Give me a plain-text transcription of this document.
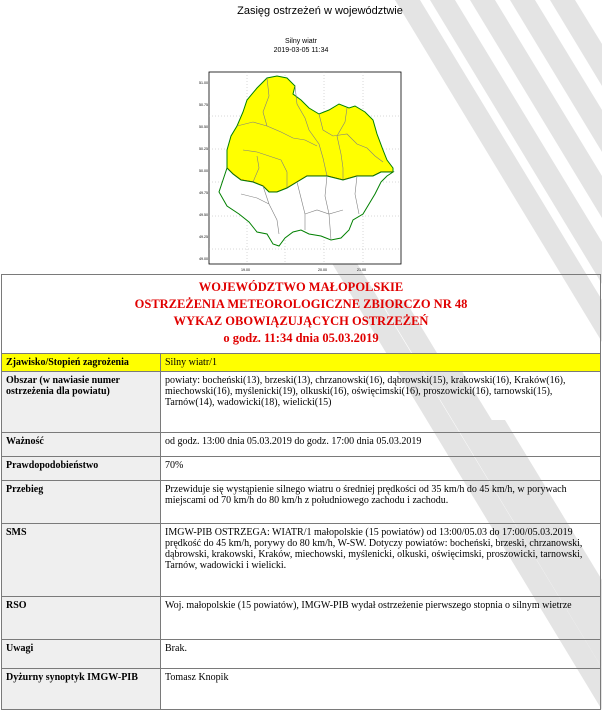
Zasięg ostrzeżeń w województwie
Silny wiatr
2019-03-05 11:34
51.00
50.75
50.50
50.25
50.00
49.75
49.50
49.25
49.00
19.00	20.00	21.00
WOJEWÓDZTWO MAŁOPOLSKIE
OSTRZEŻENIA METEOROLOGICZNE ZBIORCZO NR 48
WYKAZ OBOWIĄZUJĄCYCH OSTRZEŻEŃ
o godz. 11:34 dnia 05.03.2019	

Zjawisko/Stopień zagrożenia	Silny wiatr/1
Obszar (w nawiasie numer ostrzeżenia dla powiatu)	powiaty: bocheński(13), brzeski(13), chrzanowski(16), dąbrowski(15), krakowski(16), Kraków(16), miechowski(16), myślenicki(19), olkuski(16), oświęcimski(16), proszowicki(16), tarnowski(15), Tarnów(14), wadowicki(18), wielicki(15)
Ważność	od godz. 13:00 dnia 05.03.2019 do godz. 17:00 dnia 05.03.2019
Prawdopodobieństwo	70%
Przebieg	Przewiduje się wystąpienie silnego wiatru o średniej prędkości od 35 km/h do 45 km/h, w porywach miejscami od 70 km/h do 80 km/h z południowego zachodu i zachodu.
SMS	IMGW-PIB OSTRZEGA: WIATR/1 małopolskie (15 powiatów) od 13:00/05.03 do 17:00/05.03.2019 prędkość do 45 km/h, porywy do 80 km/h, W-SW. Dotyczy powiatów: bocheński, brzeski, chrzanowski, dąbrowski, krakowski, Kraków, miechowski, myślenicki, olkuski, oświęcimski, proszowicki, tarnowski, Tarnów, wadowicki i wielicki.
RSO	Woj. małopolskie (15 powiatów), IMGW-PIB wydał ostrzeżenie pierwszego stopnia o silnym wietrze
Uwagi	Brak.
Dyżurny synoptyk IMGW-PIB	Tomasz Knopik
